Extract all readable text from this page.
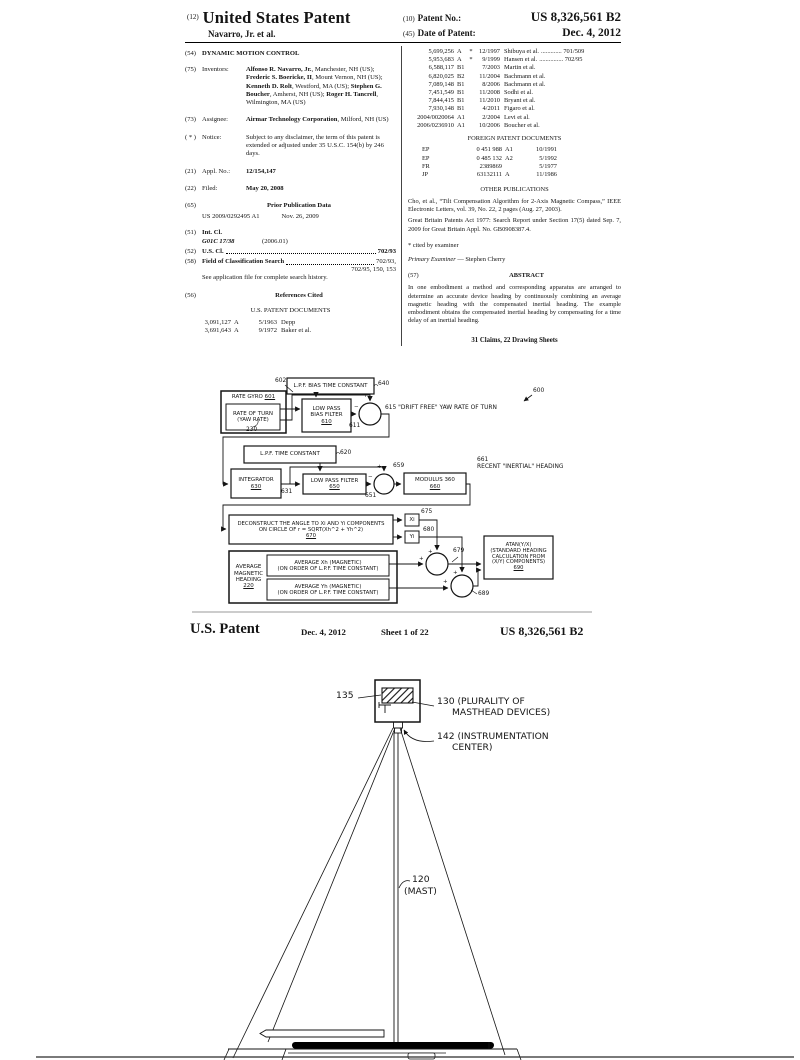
$^{(12)}$ United States Patent
Navarro, Jr. et al.
(10) Patent No.:	US 8,326,561 B2
(45) Date of Patent:	Dec. 4, 2012
(54) DYNAMIC MOTION CONTROL
(75) Inventors:	Alfonso R. Navarro, Jr., Manchester, NH (US); Frederic S. Boericke, II, Mount Vernon, NH (US); Kenneth D. Rolt, Westford, MA (US); Stephen G. Boucher, Amherst, NH (US); Roger H. Tancrell, Wilmington, MA (US)
(73) Assignee:	Airmar Technology Corporation, Milford, NH (US)
( * ) Notice:	Subject to any disclaimer, the term of this patent is extended or adjusted under 35 U.S.C. 154(b) by 246 days.
(21) Appl. No.:	12/154,147
(22) Filed:	May 20, 2008
(65)	Prior Publication Data
US 2009/0292495 A1	Nov. 26, 2009
(51) Int. Cl.
G01C 17/38	(2006.01)
(52) U.S. Cl.	702/93
(58) Field of Classification Search	702/93,
702/95, 150, 153
See application file for complete search history.
(56)	References Cited
U.S. PATENT DOCUMENTS
3,091,127 A	5/1963 Depp
3,691,643 A	9/1972 Baker et al.
5,699,256 A	*	12/1997 Shibuya et al. ............. 701/509
5,953,683 A	*	9/1999 Hansen et al. ............... 702/95
6,588,117 B1	7/2003 Martin et al.
6,820,025 B2	11/2004 Bachmann et al.
7,089,148 B1	8/2006 Bachmann et al.
7,451,549 B1	11/2008 Sodhi et al.
7,844,415 B1	11/2010 Bryant et al.
7,930,148 B1	4/2011 Figaro et al.
2004/0020064 A1	2/2004 Levi et al.
2006/0236910 A1	10/2006 Boucher et al.
FOREIGN PATENT DOCUMENTS
EP	0 451 988 A1	10/1991
EP	0 485 132 A2	5/1992
FR	2389869	5/1977
JP	63132111 A	11/1986
OTHER PUBLICATIONS
Cho, et al., “Tilt Compensation Algorithm for 2-Axis Magnetic Compass,” IEEE Electronic Letters, vol. 39, No. 22, 2 pages (Aug. 27, 2003).
Great Britain Patents Act 1977: Search Report under Section 17(5) dated Sep. 7, 2009 for Great Britain Appl. No. GB0908387.4.
* cited by examiner
Primary Examiner — Stephen Cherry
(57)	ABSTRACT
In one embodiment a method and corresponding apparatus are arranged to determine an accurate device heading by continuously combining an average magnetic heading with the compensated inertial heading. The example embodiment obtains the compensated inertial heading by compensating for a time delay of an inertial heading.
31 Claims, 22 Drawing Sheets
L.P.F. BIAS TIME CONSTANT
RATE GYRO 601
RATE OF TURN
(YAW RATE)
LOW PASS
BIAS FILTER
610
L.P.F. TIME CONSTANT
INTEGRATOR
630
LOW PASS FILTER
650
MODULUS 360
660
DECONSTRUCT THE ANGLE TO Xi AND Yi COMPONENTS
ON CIRCLE OF r = SQRT(Xh^2 + Yh^2)
670
Xi
Yi
AVERAGE
MAGNETIC
HEADING
220
AVERAGE Xh (MAGNETIC)
(ON ORDER OF L.P.F. TIME CONSTANT)
AVERAGE Yh (MAGNETIC)
(ON ORDER OF L.P.F. TIME CONSTANT)
ATAN(Y/X)
(STANDARD HEADING
CALCULATION FROM
(X/Y) COMPONENTS)
690
602	640
230
611
615 "DRIFT FREE" YAW RATE OF TURN
600
620
631
651
659
661
RECENT "INERTIAL" HEADING
675
680
679
689
+
−
+
−
+
+
+
+
U.S. Patent	Dec. 4, 2012	Sheet 1 of 22	US 8,326,561 B2
135
130 (PLURALITY OF
MASTHEAD DEVICES)
142 (INSTRUMENTATION
CENTER)
120
(MAST)
